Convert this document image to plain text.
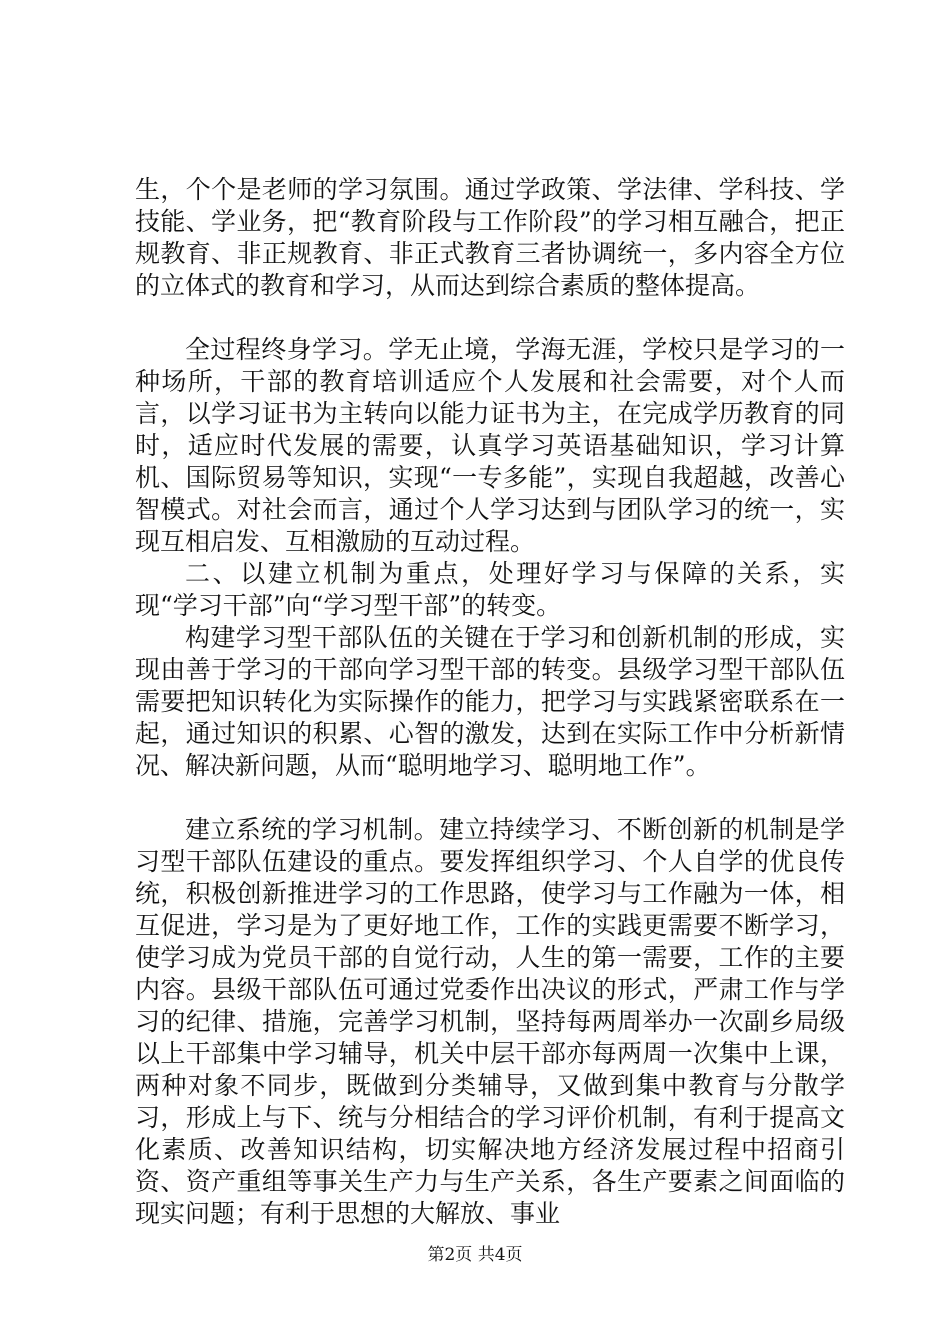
生，个个是老师的学习氛围。通过学政策、学法律、学科技、学技能、学业务，把“教育阶段与工作阶段”的学习相互融合，把正规教育、非正规教育、非正式教育三者协调统一，多内容全方位的立体式的教育和学习，从而达到综合素质的整体提高。

全过程终身学习。学无止境，学海无涯，学校只是学习的一种场所，干部的教育培训适应个人发展和社会需要，对个人而言，以学习证书为主转向以能力证书为主，在完成学历教育的同时，适应时代发展的需要，认真学习英语基础知识，学习计算机、国际贸易等知识，实现“一专多能”，实现自我超越，改善心智模式。对社会而言，通过个人学习达到与团队学习的统一，实现互相启发、互相激励的互动过程。

二、以建立机制为重点，处理好学习与保障的关系，实现“学习干部”向“学习型干部”的转变。

构建学习型干部队伍的关键在于学习和创新机制的形成，实现由善于学习的干部向学习型干部的转变。县级学习型干部队伍需要把知识转化为实际操作的能力，把学习与实践紧密联系在一起，通过知识的积累、心智的激发，达到在实际工作中分析新情况、解决新问题，从而“聪明地学习、聪明地工作”。

建立系统的学习机制。建立持续学习、不断创新的机制是学习型干部队伍建设的重点。要发挥组织学习、个人自学的优良传统，积极创新推进学习的工作思路，使学习与工作融为一体，相互促进，学习是为了更好地工作，工作的实践更需要不断学习，使学习成为党员干部的自觉行动，人生的第一需要，工作的主要内容。县级干部队伍可通过党委作出决议的形式，严肃工作与学习的纪律、措施，完善学习机制，坚持每两周举办一次副乡局级以上干部集中学习辅导，机关中层干部亦每两周一次集中上课，两种对象不同步，既做到分类辅导，又做到集中教育与分散学习，形成上与下、统与分相结合的学习评价机制，有利于提高文化素质、改善知识结构，切实解决地方经济发展过程中招商引资、资产重组等事关生产力与生产关系，各生产要素之间面临的现实问题；有利于思想的大解放、事业

第2页 共4页
